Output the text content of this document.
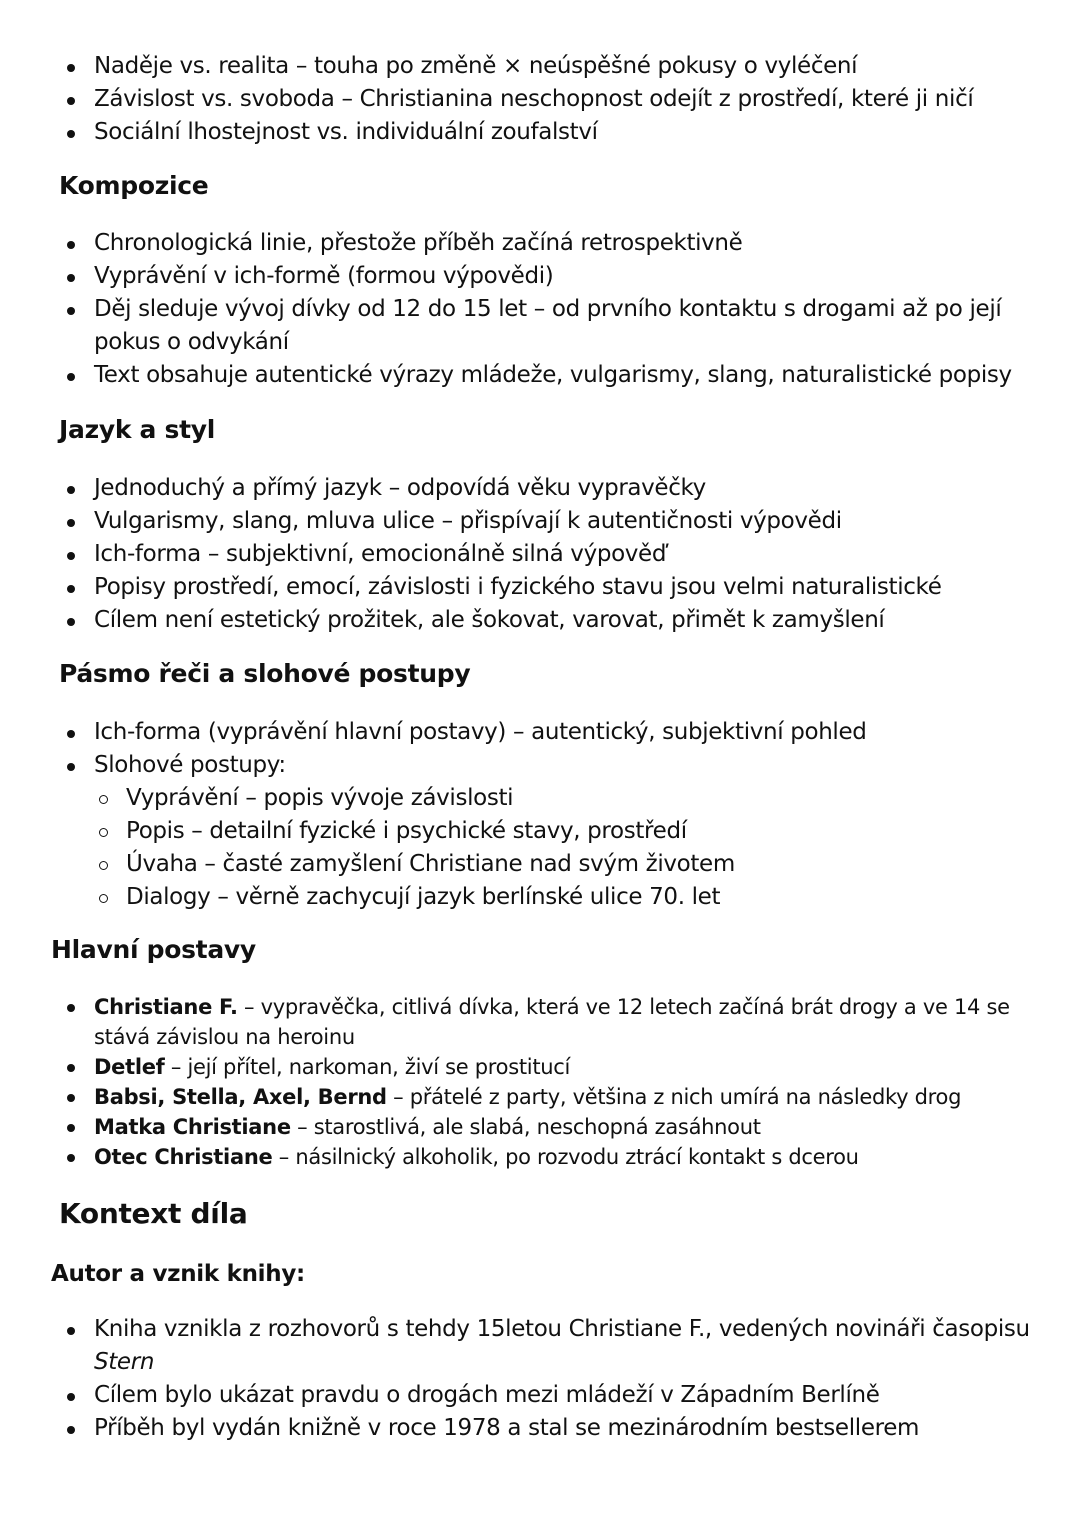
Naděje vs. realita – touha po změně × neúspěšné pokusy o vyléčení
Závislost vs. svoboda – Christianina neschopnost odejít z prostředí, které ji ničí
Sociální lhostejnost vs. individuální zoufalství
Kompozice
Chronologická linie, přestože příběh začíná retrospektivně
Vyprávění v ich-formě (formou výpovědi)
Děj sleduje vývoj dívky od 12 do 15 let – od prvního kontaktu s drogami až po její pokus o odvykání
Text obsahuje autentické výrazy mládeže, vulgarismy, slang, naturalistické popisy
Jazyk a styl
Jednoduchý a přímý jazyk – odpovídá věku vypravěčky
Vulgarismy, slang, mluva ulice – přispívají k autentičnosti výpovědi
Ich-forma – subjektivní, emocionálně silná výpověď
Popisy prostředí, emocí, závislosti i fyzického stavu jsou velmi naturalistické
Cílem není estetický prožitek, ale šokovat, varovat, přimět k zamyšlení
Pásmo řeči a slohové postupy
Ich-forma (vyprávění hlavní postavy) – autentický, subjektivní pohled
Slohové postupy:
Vyprávění – popis vývoje závislosti
Popis – detailní fyzické i psychické stavy, prostředí
Úvaha – časté zamyšlení Christiane nad svým životem
Dialogy – věrně zachycují jazyk berlínské ulice 70. let
Hlavní postavy
Christiane F. – vypravěčka, citlivá dívka, která ve 12 letech začíná brát drogy a ve 14 se stává závislou na heroinu
Detlef – její přítel, narkoman, živí se prostitucí
Babsi, Stella, Axel, Bernd – přátelé z party, většina z nich umírá na následky drog
Matka Christiane – starostlivá, ale slabá, neschopná zasáhnout
Otec Christiane – násilnický alkoholik, po rozvodu ztrácí kontakt s dcerou
Kontext díla
Autor a vznik knihy:
Kniha vznikla z rozhovorů s tehdy 15letou Christiane F., vedených novináři časopisu Stern
Cílem bylo ukázat pravdu o drogách mezi mládeží v Západním Berlíně
Příběh byl vydán knižně v roce 1978 a stal se mezinárodním bestsellerem
